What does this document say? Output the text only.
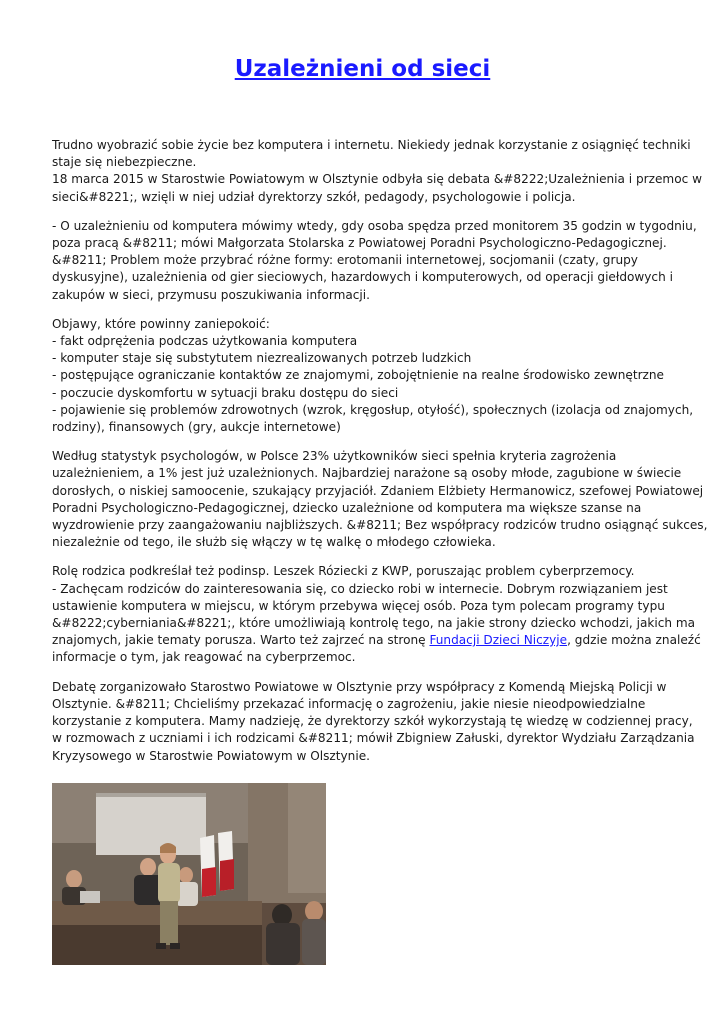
Uzależnieni od sieci

Trudno wyobrazić sobie życie bez komputera i internetu. Niekiedy jednak korzystanie z osiągnięć techniki
staje się niebezpieczne.
18 marca 2015 w Starostwie Powiatowym w Olsztynie odbyła się debata &#8222;Uzależnienia i przemoc w
sieci&#8221;, wzięli w niej udział dyrektorzy szkół, pedagody, psychologowie i policja.

- O uzależnieniu od komputera mówimy wtedy, gdy osoba spędza przed monitorem 35 godzin w tygodniu,
poza pracą &#8211; mówi Małgorzata Stolarska z Powiatowej Poradni Psychologiczno-Pedagogicznej.
&#8211; Problem może przybrać różne formy: erotomanii internetowej, socjomanii (czaty, grupy
dyskusyjne), uzależnienia od gier sieciowych, hazardowych i komputerowych, od operacji giełdowych i
zakupów w sieci, przymusu poszukiwania informacji.

Objawy, które powinny zaniepokoić:
- fakt odprężenia podczas użytkowania komputera
- komputer staje się substytutem niezrealizowanych potrzeb ludzkich
- postępujące ograniczanie kontaktów ze znajomymi, zobojętnienie na realne środowisko zewnętrzne
- poczucie dyskomfortu w sytuacji braku dostępu do sieci
- pojawienie się problemów zdrowotnych (wzrok, kręgosłup, otyłość), społecznych (izolacja od znajomych,
rodziny), finansowych (gry, aukcje internetowe)

Według statystyk psychologów, w Polsce 23% użytkowników sieci spełnia kryteria zagrożenia
uzależnieniem, a 1% jest już uzależnionych. Najbardziej narażone są osoby młode, zagubione w świecie
dorosłych, o niskiej samoocenie, szukający przyjaciół. Zdaniem Elżbiety Hermanowicz, szefowej Powiatowej
Poradni Psychologiczno-Pedagogicznej, dziecko uzależnione od komputera ma większe szanse na
wyzdrowienie przy zaangażowaniu najbliższych. &#8211; Bez współpracy rodziców trudno osiągnąć sukces,
niezależnie od tego, ile służb się włączy w tę walkę o młodego człowieka.

Rolę rodzica podkreślał też podinsp. Leszek Róziecki z KWP, poruszając problem cyberprzemocy.
- Zachęcam rodziców do zainteresowania się, co dziecko robi w internecie. Dobrym rozwiązaniem jest
ustawienie komputera w miejscu, w którym przebywa więcej osób. Poza tym polecam programy typu
&#8222;cybernianiа&#8221;, które umożliwiają kontrolę tego, na jakie strony dziecko wchodzi, jakich ma
znajomych, jakie tematy porusza. Warto też zajrzeć na stronę Fundacji Dzieci Niczyje, gdzie można znaleźć
informacje o tym, jak reagować na cyberprzemoc.

Debatę zorganizowało Starostwo Powiatowe w Olsztynie przy współpracy z Komendą Miejską Policji w
Olsztynie. &#8211; Chcieliśmy przekazać informację o zagrożeniu, jakie niesie nieodpowiedzialne
korzystanie z komputera. Mamy nadzieję, że dyrektorzy szkół wykorzystają tę wiedzę w codziennej pracy,
w rozmowach z uczniami i ich rodzicami &#8211; mówił Zbigniew Załuski, dyrektor Wydziału Zarządzania
Kryzysowego w Starostwie Powiatowym w Olsztynie.
